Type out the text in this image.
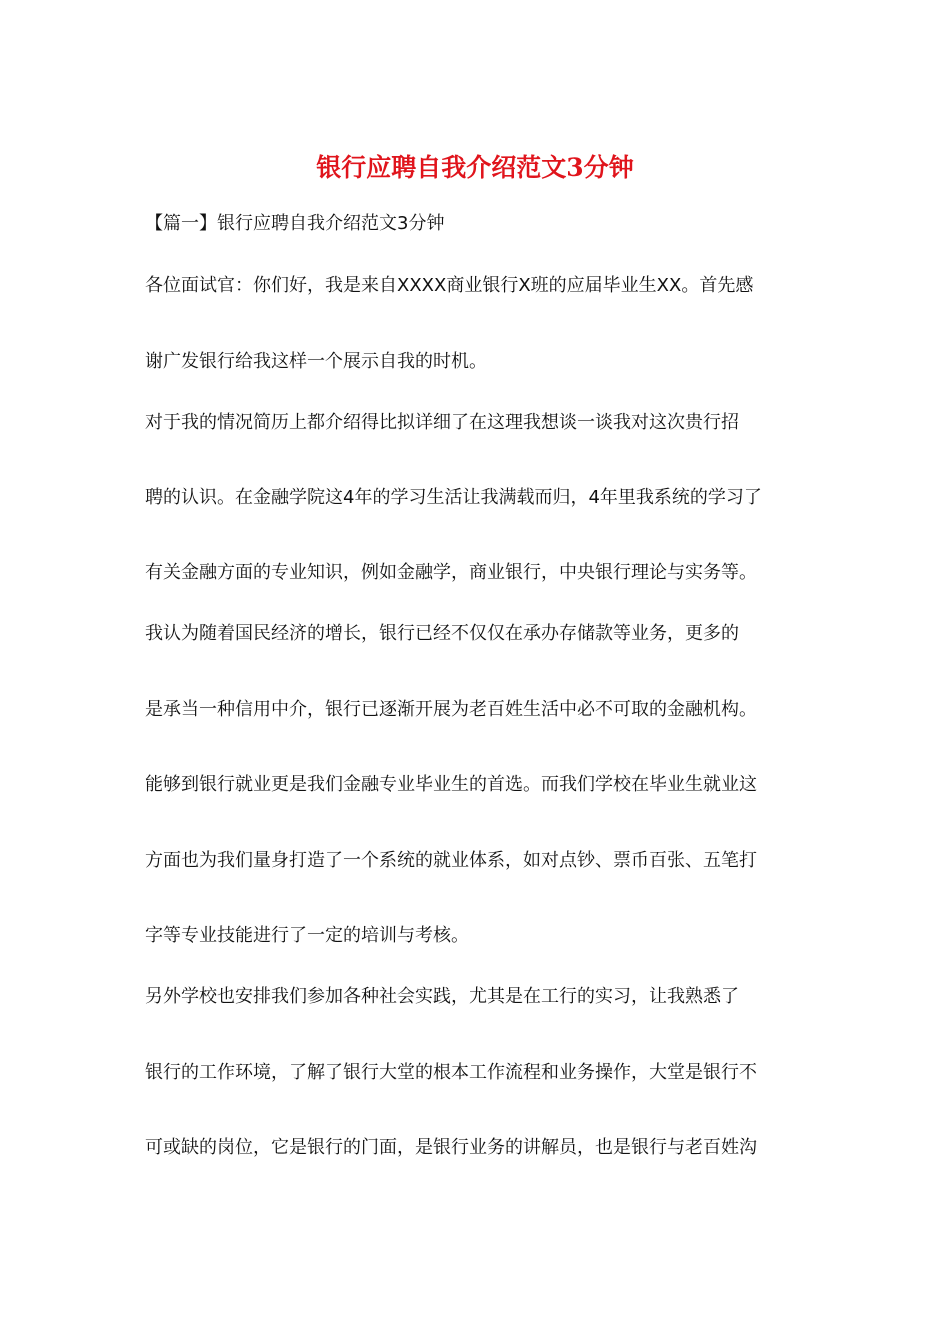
银行应聘自我介绍范文3分钟

【篇一】银行应聘自我介绍范文3分钟

各位面试官：你们好，我是来自XXXX商业银行X班的应届毕业生XX。首先感

谢广发银行给我这样一个展示自我的时机。

对于我的情况简历上都介绍得比拟详细了在这理我想谈一谈我对这次贵行招

聘的认识。在金融学院这4年的学习生活让我满载而归，4年里我系统的学习了

有关金融方面的专业知识，例如金融学，商业银行，中央银行理论与实务等。

我认为随着国民经济的增长，银行已经不仅仅在承办存储款等业务，更多的

是承当一种信用中介，银行已逐渐开展为老百姓生活中必不可取的金融机构。

能够到银行就业更是我们金融专业毕业生的首选。而我们学校在毕业生就业这

方面也为我们量身打造了一个系统的就业体系，如对点钞、票币百张、五笔打

字等专业技能进行了一定的培训与考核。

另外学校也安排我们参加各种社会实践，尤其是在工行的实习，让我熟悉了

银行的工作环境，了解了银行大堂的根本工作流程和业务操作，大堂是银行不

可或缺的岗位，它是银行的门面，是银行业务的讲解员，也是银行与老百姓沟
